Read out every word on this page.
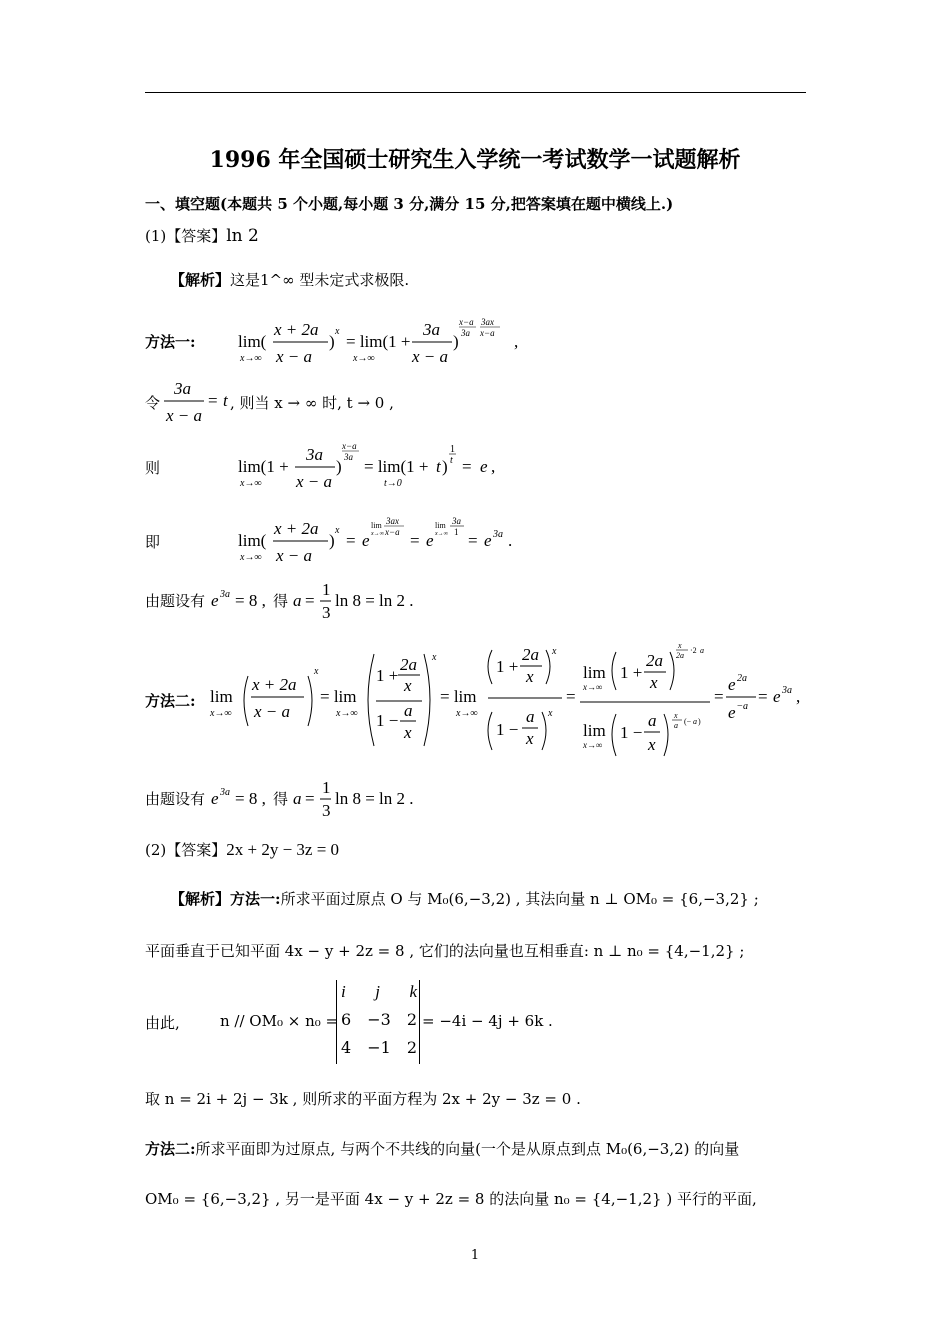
1996 年全国硕士研究生入学统一考试数学一试题解析
一、填空题(本题共 5 个小题,每小题 3 分,满分 15 分,把答案填在题中横线上.)
(1)【答案】ln 2
【解析】这是1^∞ 型未定式求极限.
方法一: lim(
x→∞
x + 2a
x − a
)
x
= lim(1 +
x→∞
3a
x − a
)
x−a
3a
3ax
x−a ,
令
3a
x − a
= t , 则当 x → ∞ 时, t → 0 ,
则	lim(1 +
x→∞
3a
x − a
)
x−a
3a = lim(1 +
t→0
t )
1
t = e ,
即	lim(
x→∞
x + 2a
x − a
)
x
= e
lim
x→∞
3ax
x−a = e
lim
x→∞
3a
1 = e 3a .
由题设有 e 3a = 8 , 得 a =
1
3
ln 8 = ln 2 .
方法二: lim
x→∞
x + 2a
x − a
x
= lim
x→∞
1 +
2a
x
1 −
a
x
x
= lim
x→∞
1 +
2a
x
x
1 −
a
x
x
=
lim
x→∞
1 +
2a
x
x
2a
·2 a
lim
x→∞
1 −
a
x
x
a (− a )
=
e 2a
e − a
= e 3a ,
由题设有 e 3a = 8 , 得 a =
1
3
ln 8 = ln 2 .
(2)【答案】2x + 2y − 3z = 0
【解析】方法一:所求平面过原点 O 与 M₀(6,−3,2) , 其法向量 n ⊥ OM₀ = {6,−3,2} ;
平面垂直于已知平面 4x − y + 2z = 8 , 它们的法向量也互相垂直: n ⊥ n₀ = {4,−1,2} ;
由此,	n // OM₀ × n₀ =
i j k
6 −3 2
4 −1 2
= −4i − 4j + 6k .
取 n = 2i + 2j − 3k , 则所求的平面方程为 2x + 2y − 3z = 0 .
方法二:所求平面即为过原点, 与两个不共线的向量(一个是从原点到点 M₀(6,−3,2) 的向量
OM₀ = {6,−3,2} , 另一是平面 4x − y + 2z = 8 的法向量 n₀ = {4,−1,2} ) 平行的平面,
1
